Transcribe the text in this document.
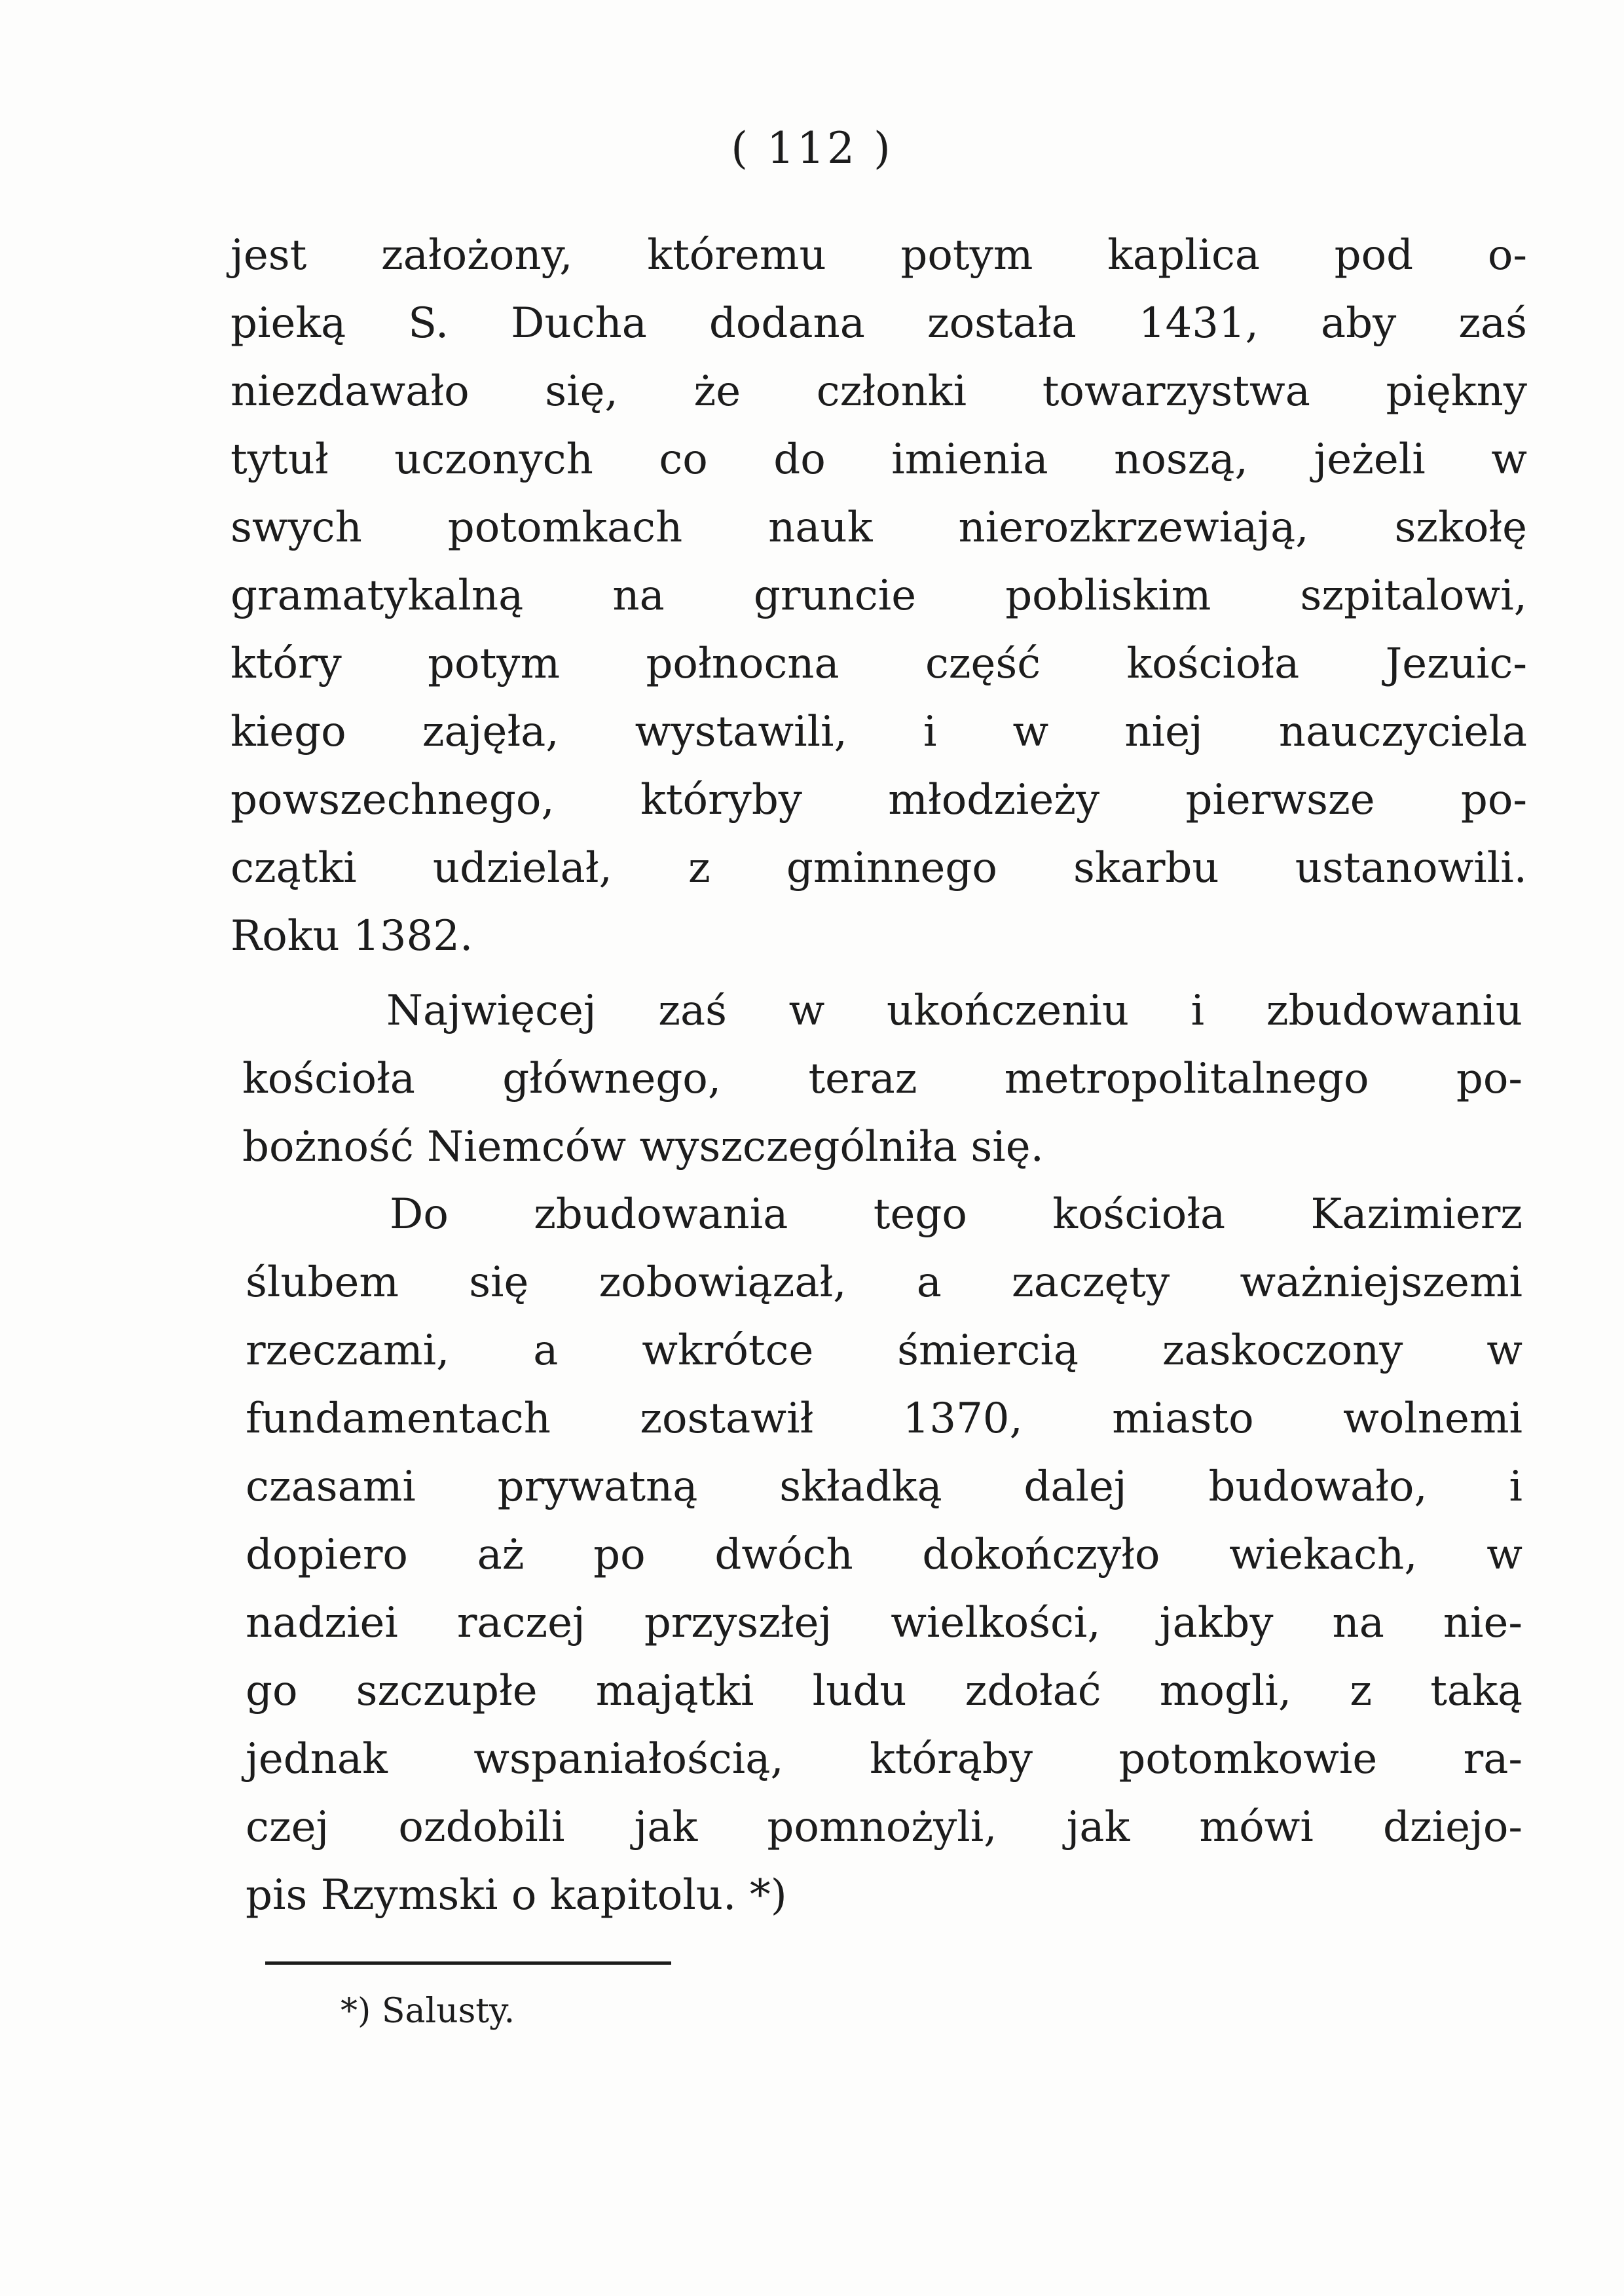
( 112 )
jest założony, któremu potym kaplica pod o-
pieką S. Ducha dodana została 1431, aby zaś
niezdawało się, że członki towarzystwa piękny
tytuł uczonych co do imienia noszą, jeżeli w
swych potomkach nauk nierozkrzewiają, szkołę
gramatykalną na gruncie pobliskim szpitalowi,
który potym połnocna część kościoła Jezuic-
kiego zajęła, wystawili, i w niej nauczyciela
powszechnego, któryby młodzieży pierwsze po-
czątki udzielał, z gminnego skarbu ustanowili.
Roku 1382.
Najwięcej zaś w ukończeniu i zbudowaniu
kościoła głównego, teraz metropolitalnego po-
bożność Niemców wyszczególniła się.
Do zbudowania tego kościoła Kazimierz
ślubem się zobowiązał, a zaczęty ważniejszemi
rzeczami, a wkrótce śmiercią zaskoczony w
fundamentach zostawił 1370, miasto wolnemi
czasami prywatną składką dalej budowało, i
dopiero aż po dwóch dokończyło wiekach, w
nadziei raczej przyszłej wielkości, jakby na nie-
go szczupłe majątki ludu zdołać mogli, z taką
jednak wspaniałością, którąby potomkowie ra-
czej ozdobili jak pomnożyli, jak mówi dziejo-
pis Rzymski o kapitolu. *)
*) Salusty.
